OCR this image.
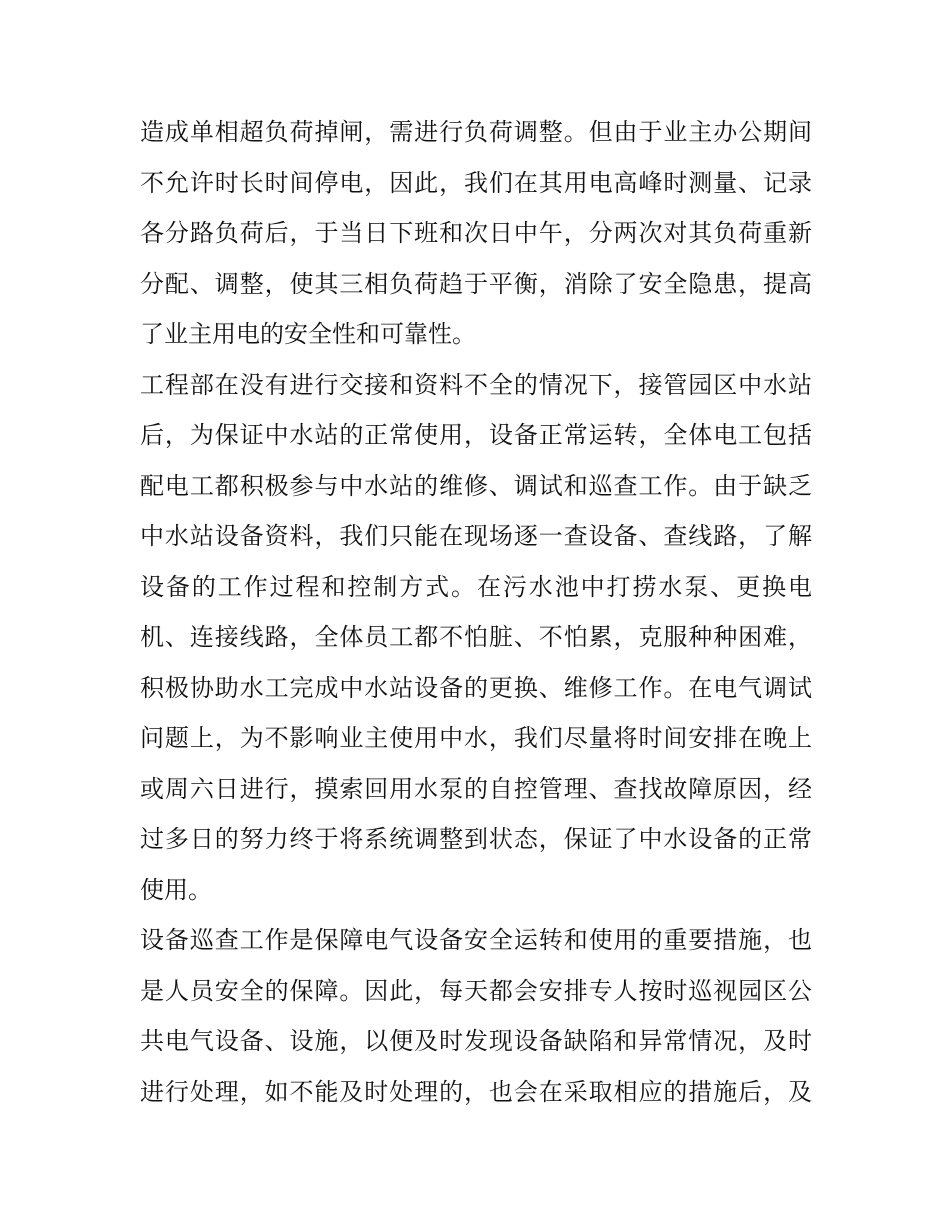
造成单相超负荷掉闸，需进行负荷调整。但由于业主办公期间
不允许时长时间停电，因此，我们在其用电高峰时测量、记录
各分路负荷后，于当日下班和次日中午，分两次对其负荷重新
分配、调整，使其三相负荷趋于平衡，消除了安全隐患，提高
了业主用电的安全性和可靠性。
工程部在没有进行交接和资料不全的情况下，接管园区中水站
后，为保证中水站的正常使用，设备正常运转，全体电工包括
配电工都积极参与中水站的维修、调试和巡查工作。由于缺乏
中水站设备资料，我们只能在现场逐一查设备、查线路，了解
设备的工作过程和控制方式。在污水池中打捞水泵、更换电
机、连接线路，全体员工都不怕脏、不怕累，克服种种困难，
积极协助水工完成中水站设备的更换、维修工作。在电气调试
问题上，为不影响业主使用中水，我们尽量将时间安排在晚上
或周六日进行，摸索回用水泵的自控管理、查找故障原因，经
过多日的努力终于将系统调整到状态，保证了中水设备的正常
使用。
设备巡查工作是保障电气设备安全运转和使用的重要措施，也
是人员安全的保障。因此，每天都会安排专人按时巡视园区公
共电气设备、设施，以便及时发现设备缺陷和异常情况，及时
进行处理，如不能及时处理的，也会在采取相应的措施后，及
